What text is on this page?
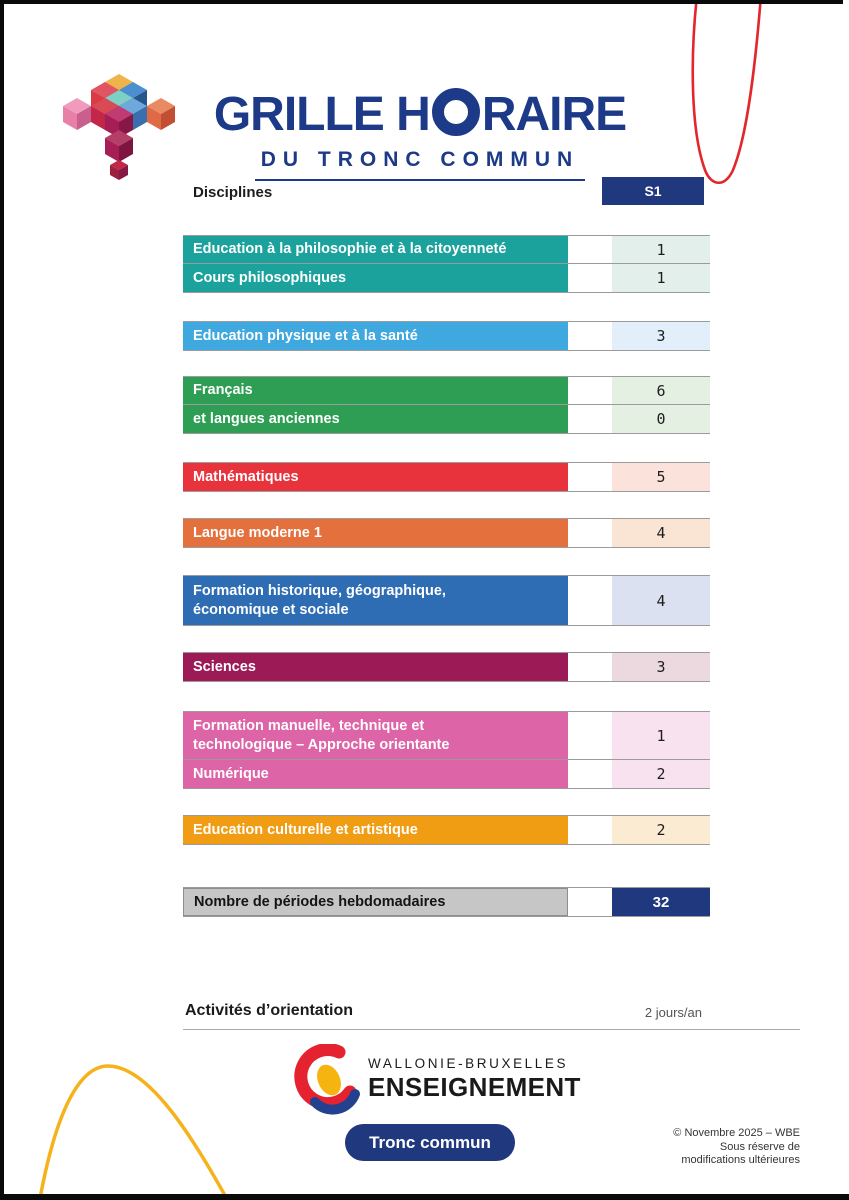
GRILLE H RAIRE
DU TRONC COMMUN
Disciplines	S1
Education à la philosophie et à la citoyenneté	1
Cours philosophiques	1
Education physique et à la santé	3
Français	6
et langues anciennes	0
Mathématiques	5
Langue moderne 1	4
Formation historique, géographique,
économique et sociale	4
Sciences	3
Formation manuelle, technique et
technologique – Approche orientante	1
Numérique	2
Education culturelle et artistique	2
Nombre de périodes hebdomadaires	32
Activités d’orientation	2 jours/an
WALLONIE-BRUXELLES
ENSEIGNEMENT
Tronc commun	© Novembre 2025 – WBE
Sous réserve de
modifications ultérieures
